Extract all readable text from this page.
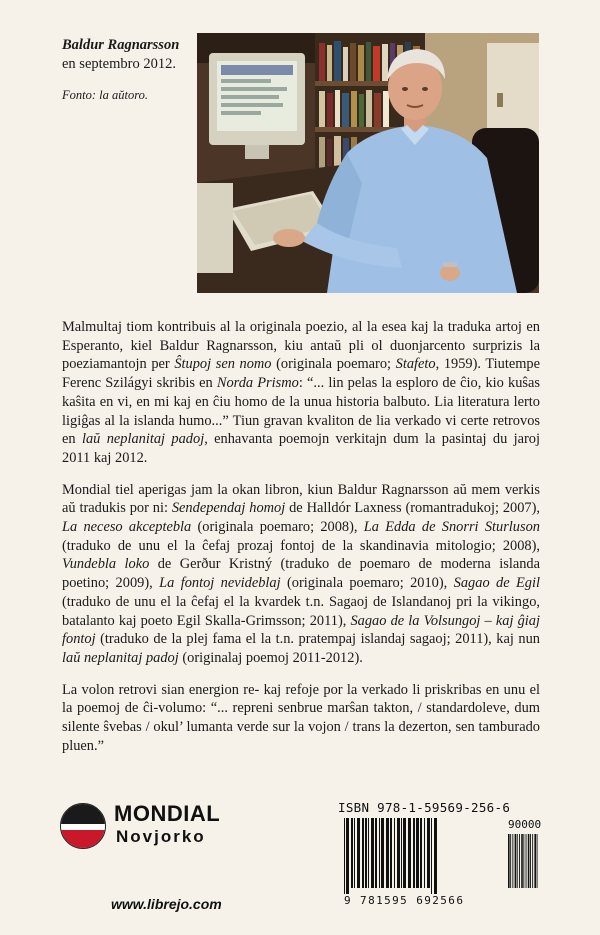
Baldur Ragnarsson
en septembro 2012.
Fonto: la aŭtoro.

Malmultaj tiom kontribuis al la originala poezio, al la esea kaj la traduka artoj en Esperanto, kiel Baldur Ragnarsson, kiu antaŭ pli ol duonjarcento surprizis la poeziamantojn per Ŝtupoj sen nomo (originala poemaro; Stafeto, 1959). Tiutempe Ferenc Szilágyi skribis en Norda Prismo: “... lin pelas la esploro de ĉio, kio kuŝas kaŝita en vi, en mi kaj en ĉiu homo de la unua historia balbuto. Lia literatura lerto ligiĝas al la islanda humo...” Tiun gravan kvaliton de lia verkado vi certe retrovos en laŭ neplanitaj padoj, enhavanta poemojn verkitajn dum la pasintaj du jaroj 2011 kaj 2012.

Mondial tiel aperigas jam la okan libron, kiun Baldur Ragnarsson aŭ mem verkis aŭ tradukis por ni: Sendependaj homoj de Halldór Laxness (romantradukoj; 2007), La neceso akceptebla (originala poemaro; 2008), La Edda de Snorri Sturluson (traduko de unu el la ĉefaj prozaj fontoj de la skandinavia mitologio; 2008), Vundebla loko de Gerður Kristný (traduko de poemaro de moderna islanda poetino; 2009), La fontoj nevideblaj (originala poemaro; 2010), Sagao de Egil (traduko de unu el la ĉefaj el la kvardek t.n. Sagaoj de Islandanoj pri la vikingo, batalanto kaj poeto Egil Skalla-Grimsson; 2011), Sagao de la Volsungoj – kaj ĝiaj fontoj (traduko de la plej fama el la t.n. pratempaj islandaj sagaoj; 2011), kaj nun laŭ neplanitaj padoj (originalaj poemoj 2011-2012).

La volon retrovi sian energion re- kaj refoje por la verkado li priskribas en unu el la poemoj de ĉi-volumo: “... repreni senbrue marŝan takton, / standardoleve, dum silente ŝvebas / okul’ lumanta verde sur la vojon / trans la dezerton, sen tamburado pluen.”

MONDIAL
Novjorko
www.librejo.com
ISBN 978-1-59569-256-6
90000
9 781595 692566
